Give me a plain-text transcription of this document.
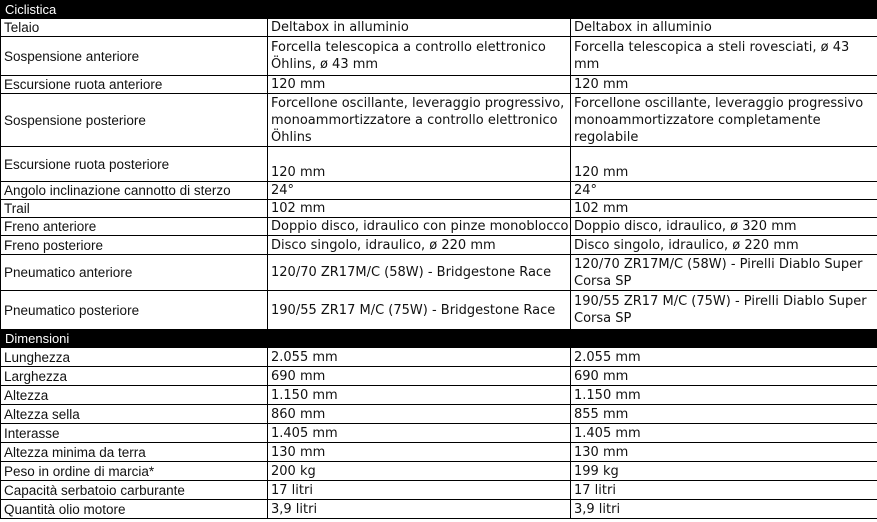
Ciclistica		
Telaio	Deltabox in alluminio	Deltabox in alluminio
Sospensione anteriore	Forcella telescopica a controllo elettronico Öhlins, ø 43 mm	Forcella telescopica a steli rovesciati, ø 43 mm
Escursione ruota anteriore	120 mm	120 mm
Sospensione posteriore	Forcellone oscillante, leveraggio progressivo, monoammortizzatore a controllo elettronico Öhlins	Forcellone oscillante, leveraggio progressivo monoammortizzatore completamente regolabile
Escursione ruota posteriore	120 mm	120 mm
Angolo inclinazione cannotto di sterzo	24°	24°
Trail	102 mm	102 mm
Freno anteriore	Doppio disco, idraulico con pinze monoblocco	Doppio disco, idraulico, ø 320 mm
Freno posteriore	Disco singolo, idraulico, ø 220 mm	Disco singolo, idraulico, ø 220 mm
Pneumatico anteriore	120/70 ZR17M/C (58W) - Bridgestone Race	120/70 ZR17M/C (58W) - Pirelli Diablo Super Corsa SP
Pneumatico posteriore	190/55 ZR17 M/C (75W) - Bridgestone Race	190/55 ZR17 M/C (75W) - Pirelli Diablo Super Corsa SP
Dimensioni		
Lunghezza	2.055 mm	2.055 mm
Larghezza	690 mm	690 mm
Altezza	1.150 mm	1.150 mm
Altezza sella	860 mm	855 mm
Interasse	1.405 mm	1.405 mm
Altezza minima da terra	130 mm	130 mm
Peso in ordine di marcia*	200 kg	199 kg
Capacità serbatoio carburante	17 litri	17 litri
Quantità olio motore	3,9 litri	3,9 litri
